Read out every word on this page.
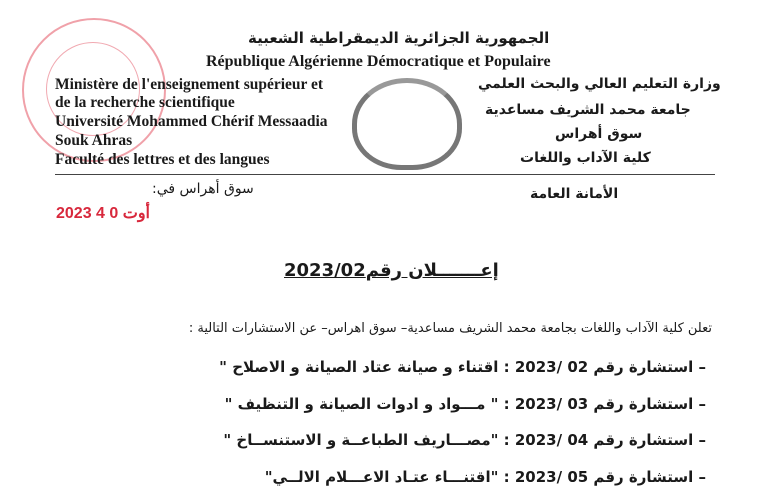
الجمهورية الجزائرية الديمقراطية الشعبية
République Algérienne Démocratique et Populaire
Ministère de l'enseignement supérieur et
de la recherche scientifique
Université Mohammed Chérif Messaadia
Souk Ahras
Faculté des lettres et des langues
وزارة التعليم العالي والبحث العلمي
جامعة محمد الشريف مساعدية
سوق أهراس
كلية الآداب واللغات
سوق أهراس في:	الأمانة العامة
2023 أوت 0 4
إعـــــــلان رقم2023/02
تعلن كلية الآداب واللغات بجامعة محمد الشريف مساعدية– سوق اهراس– عن الاستشارات التالية :
– استشارة رقم 02 /2023 : اقتناء و صيانة عتاد الصيانة و الاصلاح "
– استشارة رقم 03 /2023 : " مـــواد و ادوات الصيانة و التنظيف "
– استشارة رقم 04 /2023 : "مصـــاريف الطباعــة و الاستنســاخ "
– استشارة رقم 05 /2023 : "اقتنـــاء عتـاد الاعـــلام الالــي"
